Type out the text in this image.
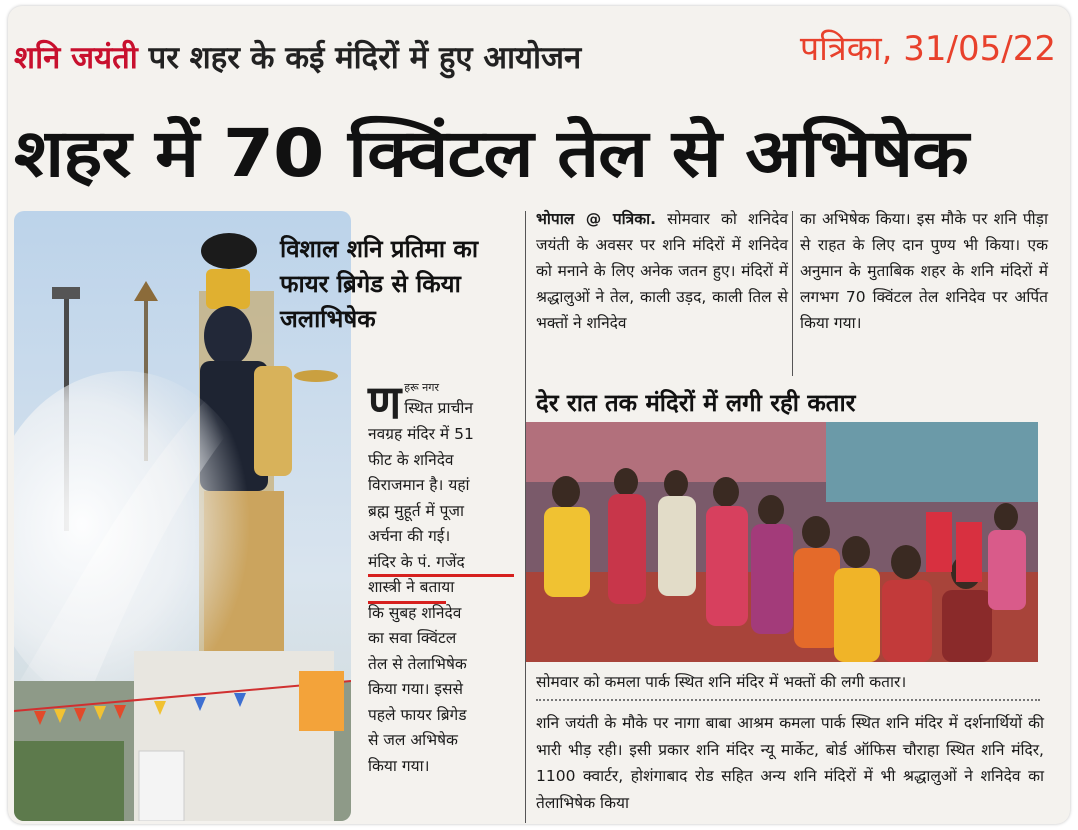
शनि जयंती पर शहर के कई मंदिरों में हुए आयोजन	पत्रिका, 31/05/22
शहर में 70 क्विंटल तेल से अभिषेक
विशाल शनि प्रतिमा का फायर ब्रिगेड से किया जलाभिषेक
ण हरू नगर
स्थित प्राचीन
नवग्रह मंदिर में 51
फीट के शनिदेव
विराजमान है। यहां
ब्रह्म मुहूर्त में पूजा
अर्चना की गई।
मंदिर के पं. गजेंद
शास्त्री ने बताया
कि सुबह शनिदेव
का सवा क्विंटल
तेल से तेलाभिषेक
किया गया। इससे
पहले फायर ब्रिगेड
से जल अभिषेक
किया गया।
भोपाल @ पत्रिका. सोमवार को शनिदेव जयंती के अवसर पर शनि मंदिरों में शनिदेव को मनाने के लिए अनेक जतन हुए। मंदिरों में श्रद्धालुओं ने तेल, काली उड़द, काली तिल से भक्तों ने शनिदेव
का अभिषेक किया। इस मौके पर शनि पीड़ा से राहत के लिए दान पुण्य भी किया। एक अनुमान के मुताबिक शहर के शनि मंदिरों में लगभग 70 क्विंटल तेल शनिदेव पर अर्पित किया गया।
देर रात तक मंदिरों में लगी रही कतार
सोमवार को कमला पार्क स्थित शनि मंदिर में भक्तों की लगी कतार।
शनि जयंती के मौके पर नागा बाबा आश्रम कमला पार्क स्थित शनि मंदिर में दर्शनार्थियों की भारी भीड़ रही। इसी प्रकार शनि मंदिर न्यू मार्केट, बोर्ड ऑफिस चौराहा स्थित शनि मंदिर, 1100 क्वार्टर, होशंगाबाद रोड सहित अन्य शनि मंदिरों में भी श्रद्धालुओं ने शनिदेव का तेलाभिषेक किया
